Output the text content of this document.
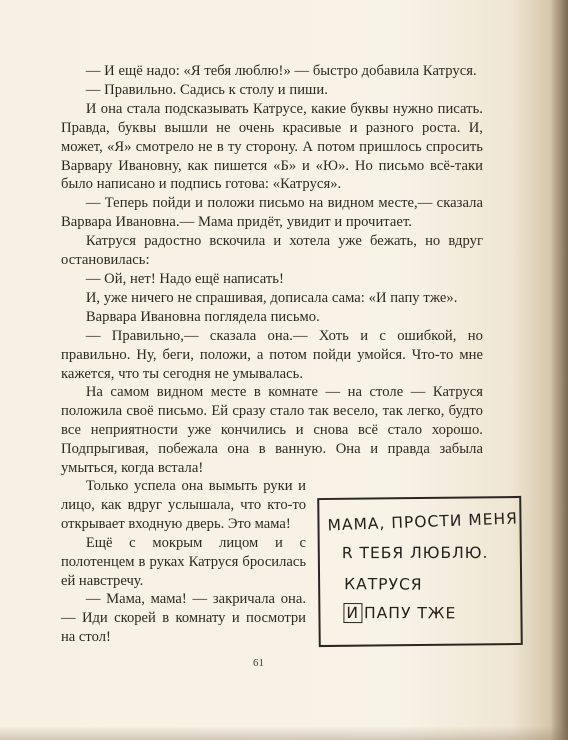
— И ещё надо: «Я тебя люблю!» — быстро добавила Катруся.

— Правильно. Садись к столу и пиши.

И она стала подсказывать Катрусе, какие буквы нужно писать. Правда, буквы вышли не очень красивые и разного роста. И, может, «Я» смотрело не в ту сторону. А потом пришлось спросить Варвару Ивановну, как пишется «Б» и «Ю». Но письмо всё-таки было написано и подпись готова: «Катруся».

— Теперь пойди и положи письмо на видном месте,— сказала Варвара Ивановна.— Мама придёт, увидит и прочитает.

Катруся радостно вскочила и хотела уже бежать, но вдруг остановилась:

— Ой, нет! Надо ещё написать!

И, уже ничего не спрашивая, дописала сама: «И папу тже».

Варвара Ивановна поглядела письмо.

— Правильно,— сказала она.— Хоть и с ошибкой, но правильно. Ну, беги, положи, а потом пойди умойся. Что-то мне кажется, что ты сегодня не умывалась.

На самом видном месте в комнате — на столе — Катруся положила своё письмо. Ей сразу стало так весело, так легко, будто все неприятности уже кончились и снова всё стало хорошо. Подпрыгивая, побежала она в ванную. Она и правда забыла умыться, когда встала!

Только успела она вымыть руки и лицо, как вдруг услышала, что кто-то открывает входную дверь. Это мама!

Ещё с мокрым лицом и с полотенцем в руках Катруся бросилась ей навстречу.

— Мама, мама! — закричала она.— Иди скорей в комнату и посмотри на стол!

МАМА, ПРОСТИ МЕНЯ
R ТЕБЯ ЛЮБЛЮ.
КАТРУСЯ
И ПАПУ ТЖЕ
61
